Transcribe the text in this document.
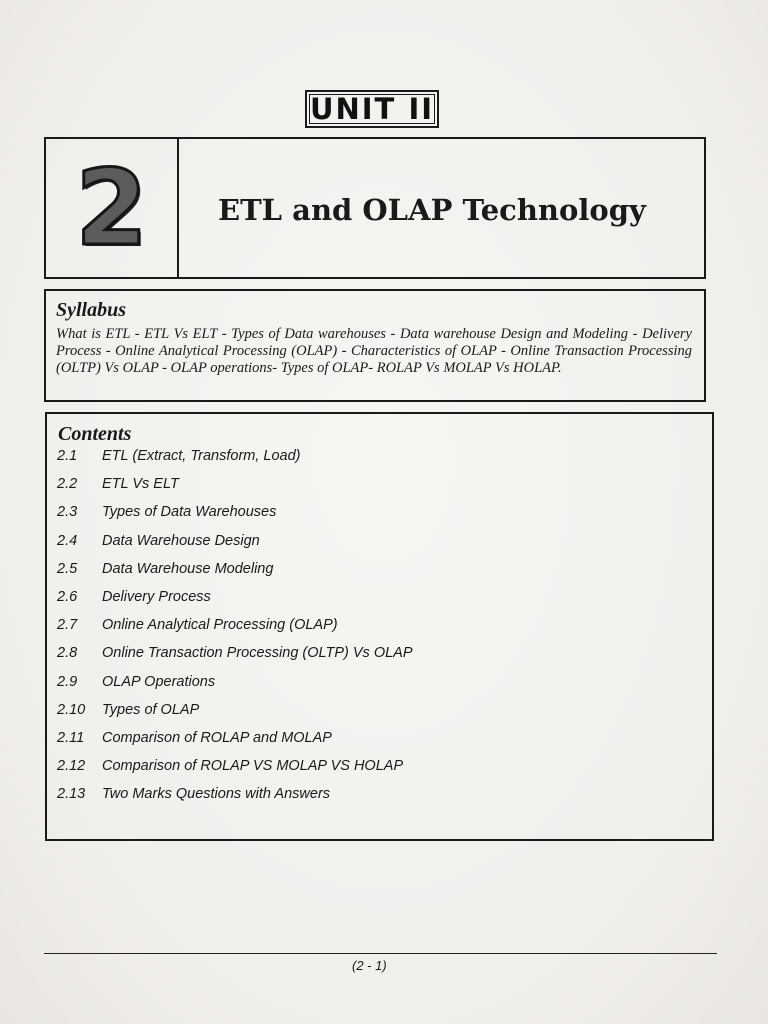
UNIT II
2 ETL and OLAP Technology
Syllabus

What is ETL - ETL Vs ELT - Types of Data warehouses - Data warehouse Design and Modeling - Delivery Process - Online Analytical Processing (OLAP) - Characteristics of OLAP - Online Transaction Processing (OLTP) Vs OLAP - OLAP operations- Types of OLAP- ROLAP Vs MOLAP Vs HOLAP.

Contents
2.1 ETL (Extract, Transform, Load)
2.2 ETL Vs ELT
2.3 Types of Data Warehouses
2.4 Data Warehouse Design
2.5 Data Warehouse Modeling
2.6 Delivery Process
2.7 Online Analytical Processing (OLAP)
2.8 Online Transaction Processing (OLTP) Vs OLAP
2.9 OLAP Operations
2.10 Types of OLAP
2.11 Comparison of ROLAP and MOLAP
2.12 Comparison of ROLAP VS MOLAP VS HOLAP
2.13 Two Marks Questions with Answers
(2 - 1)
